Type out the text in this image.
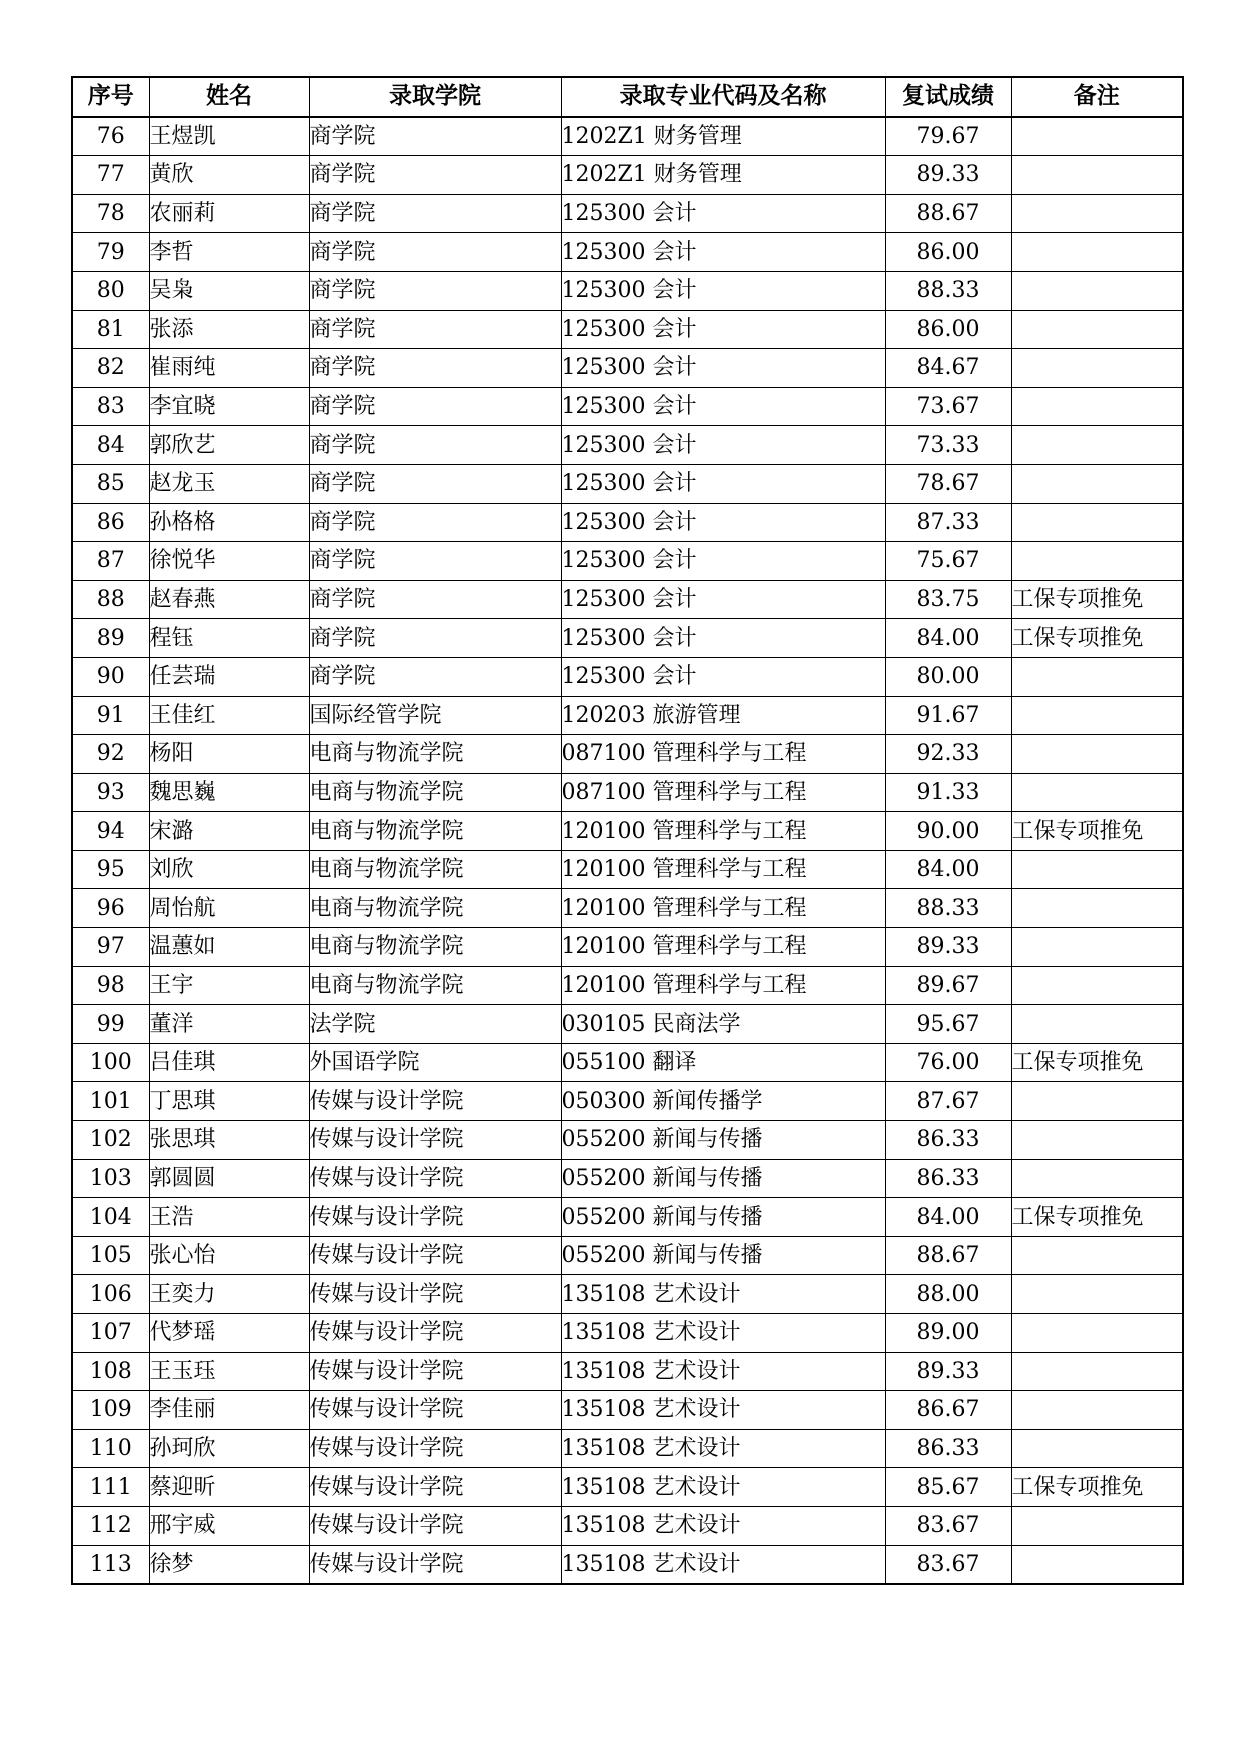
序号	姓名	录取学院	录取专业代码及名称	复试成绩	备注
76	王煜凯	商学院	1202Z1 财务管理	79.67	
77	黄欣	商学院	1202Z1 财务管理	89.33	
78	农丽莉	商学院	125300 会计	88.67	
79	李哲	商学院	125300 会计	86.00	
80	吴枭	商学院	125300 会计	88.33	
81	张添	商学院	125300 会计	86.00	
82	崔雨纯	商学院	125300 会计	84.67	
83	李宜晓	商学院	125300 会计	73.67	
84	郭欣艺	商学院	125300 会计	73.33	
85	赵龙玉	商学院	125300 会计	78.67	
86	孙格格	商学院	125300 会计	87.33	
87	徐悦华	商学院	125300 会计	75.67	
88	赵春燕	商学院	125300 会计	83.75	工保专项推免
89	程钰	商学院	125300 会计	84.00	工保专项推免
90	任芸瑞	商学院	125300 会计	80.00	
91	王佳红	国际经管学院	120203 旅游管理	91.67	
92	杨阳	电商与物流学院	087100 管理科学与工程	92.33	
93	魏思巍	电商与物流学院	087100 管理科学与工程	91.33	
94	宋潞	电商与物流学院	120100 管理科学与工程	90.00	工保专项推免
95	刘欣	电商与物流学院	120100 管理科学与工程	84.00	
96	周怡航	电商与物流学院	120100 管理科学与工程	88.33	
97	温蕙如	电商与物流学院	120100 管理科学与工程	89.33	
98	王宇	电商与物流学院	120100 管理科学与工程	89.67	
99	董洋	法学院	030105 民商法学	95.67	
100	吕佳琪	外国语学院	055100 翻译	76.00	工保专项推免
101	丁思琪	传媒与设计学院	050300 新闻传播学	87.67	
102	张思琪	传媒与设计学院	055200 新闻与传播	86.33	
103	郭圆圆	传媒与设计学院	055200 新闻与传播	86.33	
104	王浩	传媒与设计学院	055200 新闻与传播	84.00	工保专项推免
105	张心怡	传媒与设计学院	055200 新闻与传播	88.67	
106	王奕力	传媒与设计学院	135108 艺术设计	88.00	
107	代梦瑶	传媒与设计学院	135108 艺术设计	89.00	
108	王玉珏	传媒与设计学院	135108 艺术设计	89.33	
109	李佳丽	传媒与设计学院	135108 艺术设计	86.67	
110	孙珂欣	传媒与设计学院	135108 艺术设计	86.33	
111	蔡迎昕	传媒与设计学院	135108 艺术设计	85.67	工保专项推免
112	邢宇威	传媒与设计学院	135108 艺术设计	83.67	
113	徐梦	传媒与设计学院	135108 艺术设计	83.67	
